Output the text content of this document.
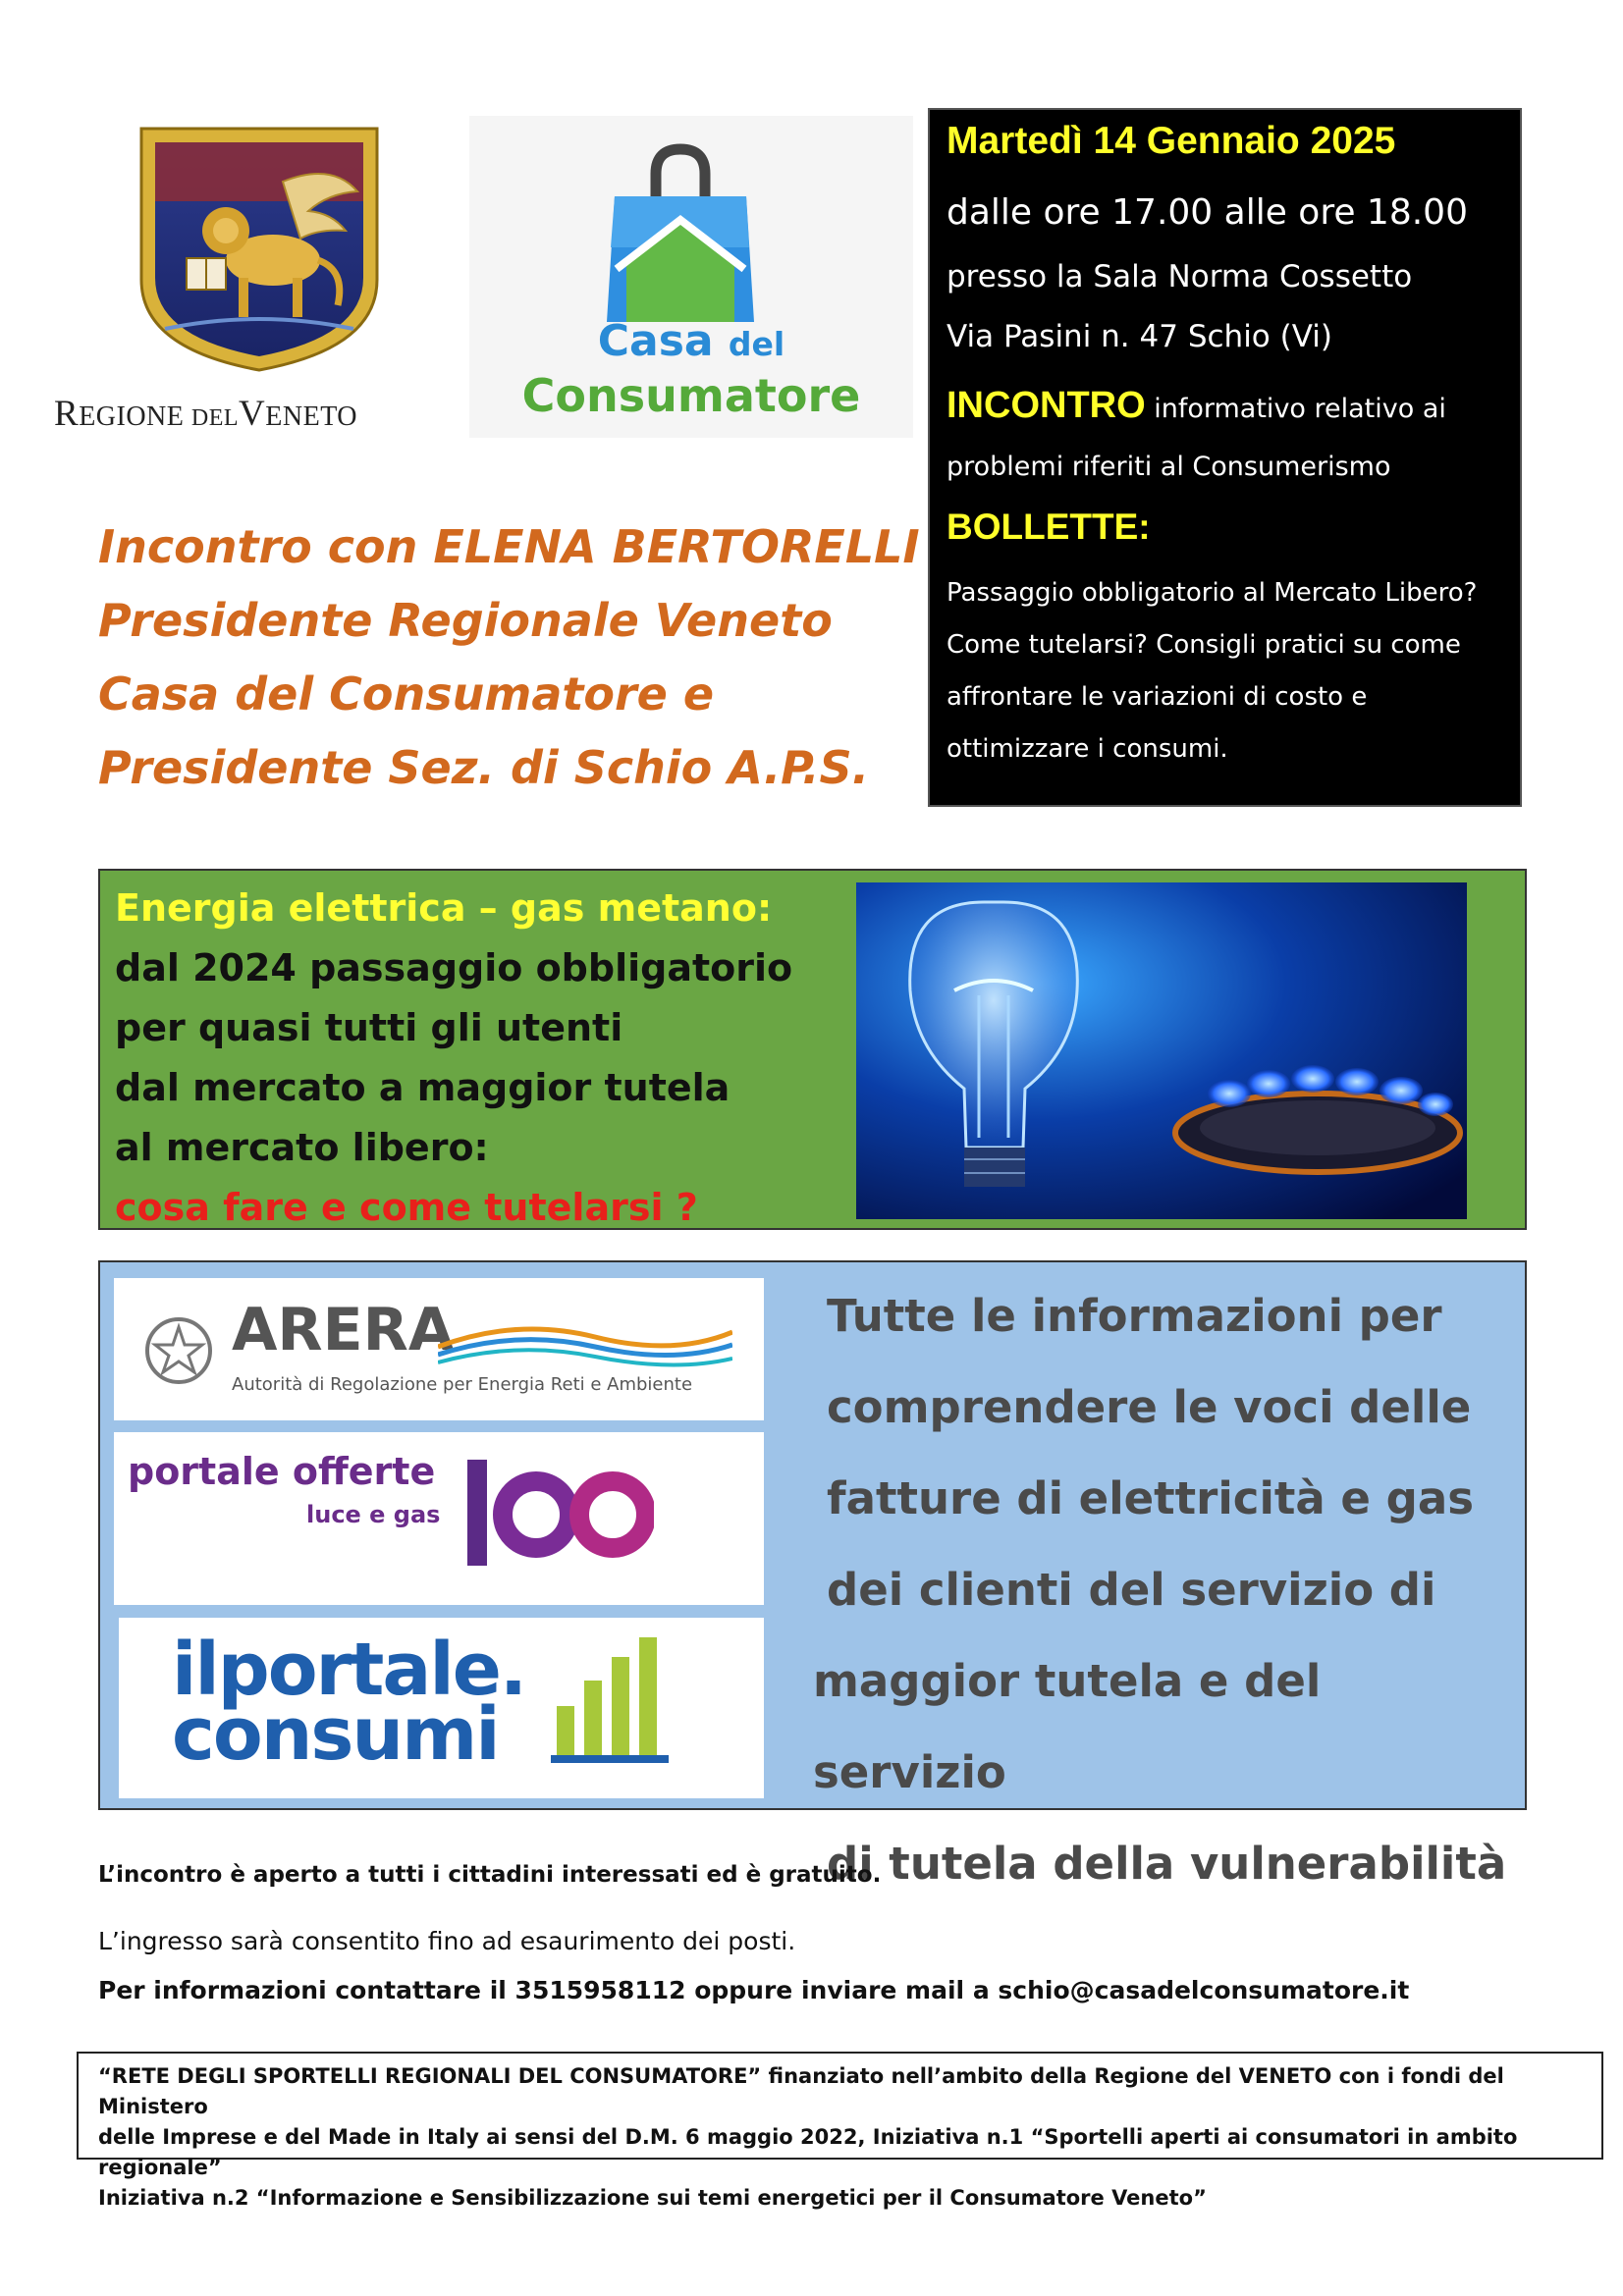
REGIONE DELVENETO
Casa del
Consumatore
Martedì 14 Gennaio 2025
dalle ore 17.00 alle ore 18.00
presso la Sala Norma Cossetto
Via Pasini n. 47 Schio (Vi)
INCONTRO informativo relativo ai
problemi riferiti al Consumerismo
BOLLETTE:
Passaggio obbligatorio al Mercato Libero?
Come tutelarsi? Consigli pratici su come
affrontare le variazioni di costo e
ottimizzare i consumi.
Incontro con ELENA BERTORELLI
Presidente Regionale Veneto
Casa del Consumatore e
Presidente Sez. di Schio A.P.S.
Energia elettrica – gas metano:
dal 2024 passaggio obbligatorio
per quasi tutti gli utenti
dal mercato a maggior tutela
al mercato libero:
cosa fare e come tutelarsi ?
ARERA
Autorità di Regolazione per Energia Reti e Ambiente
portale offerte
luce e gas
ilportale.
consumi
Tutte le informazioni per
comprendere le voci delle
fatture di elettricità e gas
dei clienti del servizio di
maggior tutela e del servizio
di tutela della vulnerabilità
L’incontro è aperto a tutti i cittadini interessati ed è gratuito.
L’ingresso sarà consentito fino ad esaurimento dei posti.
Per informazioni contattare il 3515958112 oppure inviare mail a schio@casadelconsumatore.it
“RETE DEGLI SPORTELLI REGIONALI DEL CONSUMATORE” finanziato nell’ambito della Regione del VENETO con i fondi del Ministero
delle Imprese e del Made in Italy ai sensi del D.M. 6 maggio 2022, Iniziativa n.1 “Sportelli aperti ai consumatori in ambito regionale”
Iniziativa n.2 “Informazione e Sensibilizzazione sui temi energetici per il Consumatore Veneto”
